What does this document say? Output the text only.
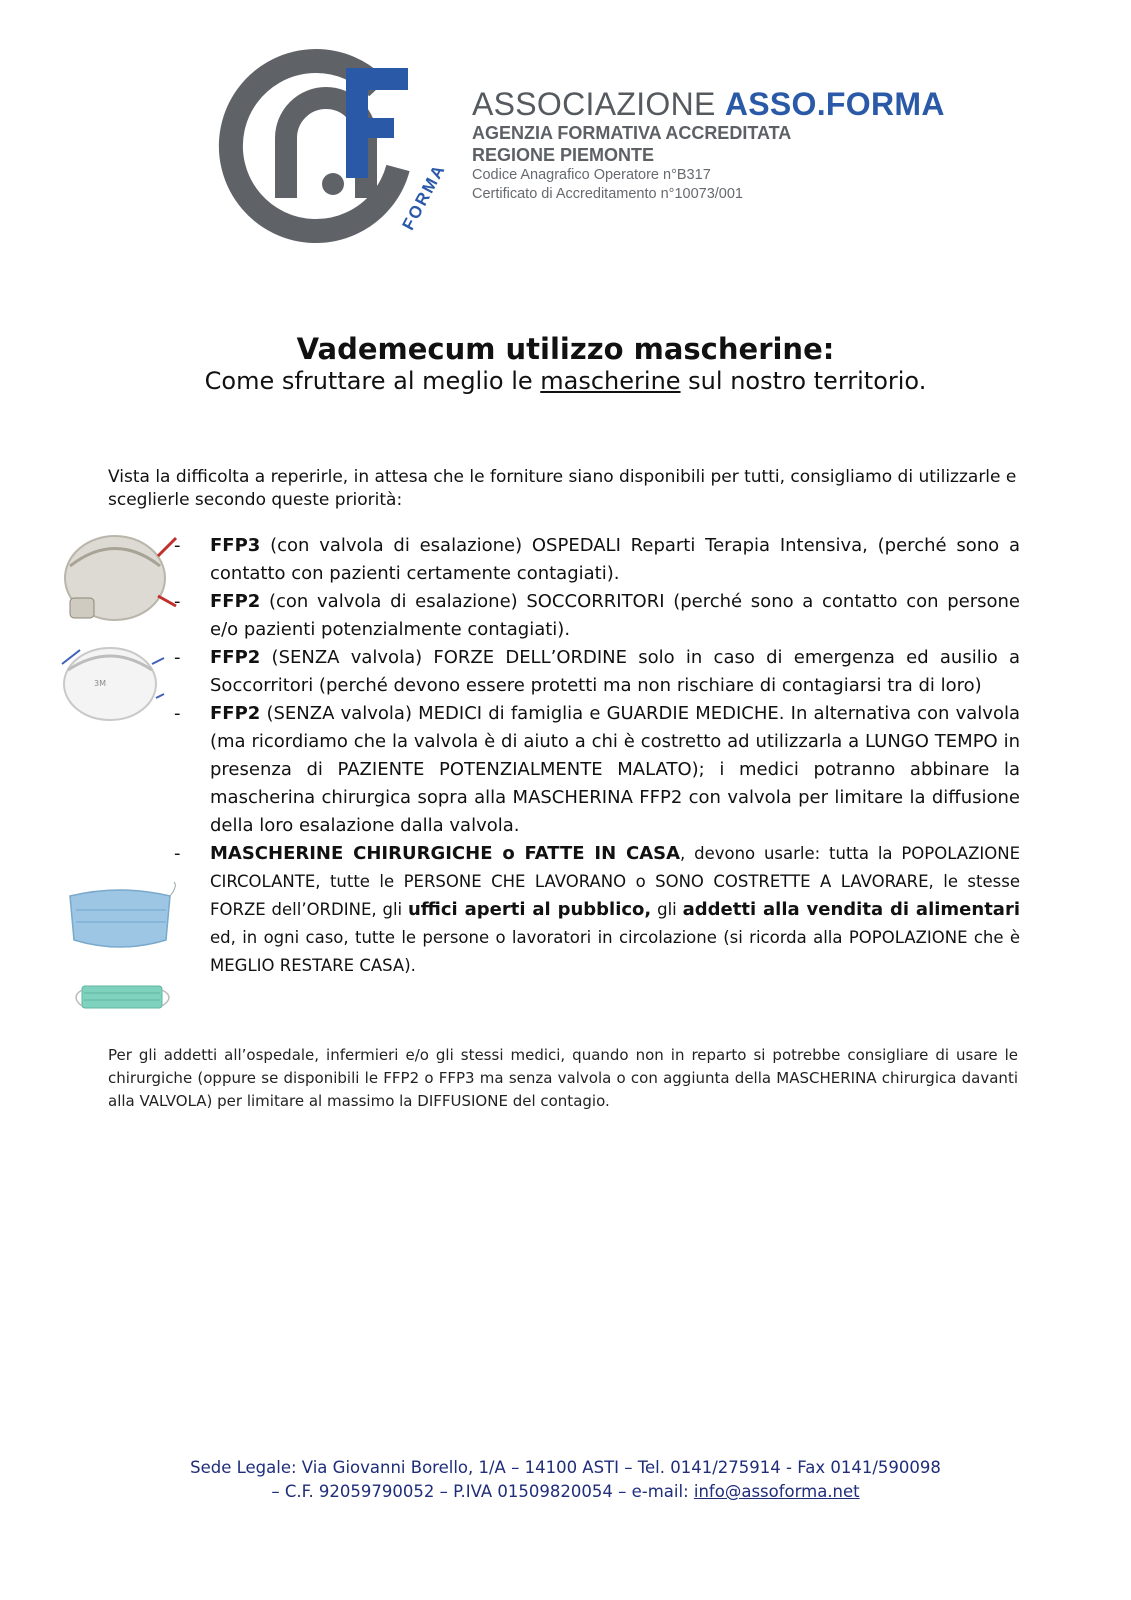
ASSO	FORMA

ASSOCIAZIONE ASSO.FORMA

AGENZIA FORMATIVA ACCREDITATA

REGIONE PIEMONTE

Codice Anagrafico Operatore n°B317

Certificato di Accreditamento n°10073/001

Vademecum utilizzo mascherine:

Come sfruttare al meglio le mascherine sul nostro territorio.

Vista la difficolta a reperirle, in attesa che le forniture siano disponibili per tutti, consigliamo di utilizzarle e sceglierle secondo queste priorità:

3M
- FFP3 (con valvola di esalazione) OSPEDALI Reparti Terapia Intensiva, (perché sono a contatto con pazienti certamente contagiati).
- FFP2 (con valvola di esalazione) SOCCORRITORI (perché sono a contatto con persone e/o pazienti potenzialmente contagiati).
- FFP2 (SENZA valvola) FORZE DELL’ORDINE solo in caso di emergenza ed ausilio a Soccorritori (perché devono essere protetti ma non rischiare di contagiarsi tra di loro)
- FFP2 (SENZA valvola) MEDICI di famiglia e GUARDIE MEDICHE. In alternativa con valvola (ma ricordiamo che la valvola è di aiuto a chi è costretto ad utilizzarla a LUNGO TEMPO in presenza di PAZIENTE POTENZIALMENTE MALATO); i medici potranno abbinare la mascherina chirurgica sopra alla MASCHERINA FFP2 con valvola per limitare la diffusione della loro esalazione dalla valvola.
- MASCHERINE CHIRURGICHE o FATTE IN CASA, devono usarle: tutta la POPOLAZIONE CIRCOLANTE, tutte le PERSONE CHE LAVORANO o SONO COSTRETTE A LAVORARE, le stesse FORZE dell’ORDINE, gli uffici aperti al pubblico, gli addetti alla vendita di alimentari ed, in ogni caso, tutte le persone o lavoratori in circolazione (si ricorda alla POPOLAZIONE che è MEGLIO RESTARE CASA).

Per gli addetti all’ospedale, infermieri e/o gli stessi medici, quando non in reparto si potrebbe consigliare di usare le chirurgiche (oppure se disponibili le FFP2 o FFP3 ma senza valvola o con aggiunta della MASCHERINA chirurgica davanti alla VALVOLA) per limitare al massimo la DIFFUSIONE del contagio.

Sede Legale: Via Giovanni Borello, 1/A – 14100 ASTI – Tel. 0141/275914 - Fax 0141/590098
– C.F. 92059790052 – P.IVA 01509820054 – e-mail: info@assoforma.net
